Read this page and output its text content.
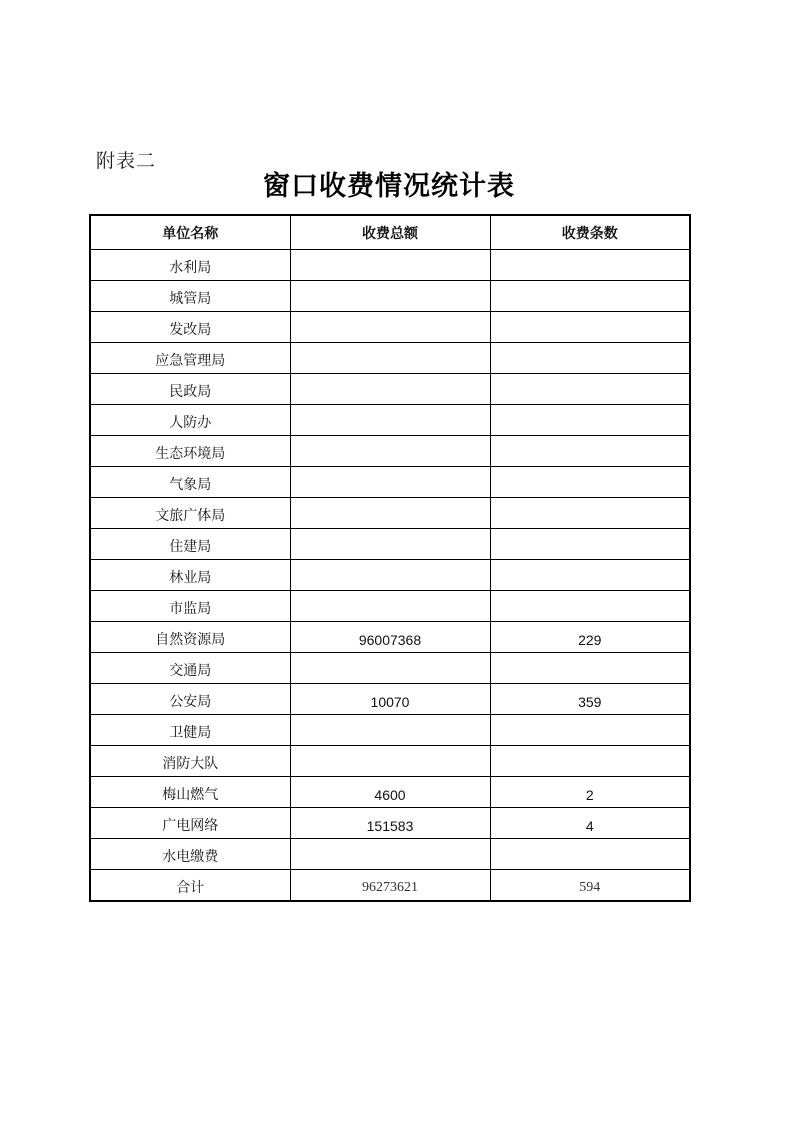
附表二
窗口收费情况统计表
单位名称	收费总额	收费条数
水利局		
城管局		
发改局		
应急管理局		
民政局		
人防办		
生态环境局		
气象局		
文旅广体局		
住建局		
林业局		
市监局		
自然资源局	96007368	229
交通局		
公安局	10070	359
卫健局		
消防大队		
梅山燃气	4600	2
广电网络	151583	4
水电缴费		
合计	96273621	594
